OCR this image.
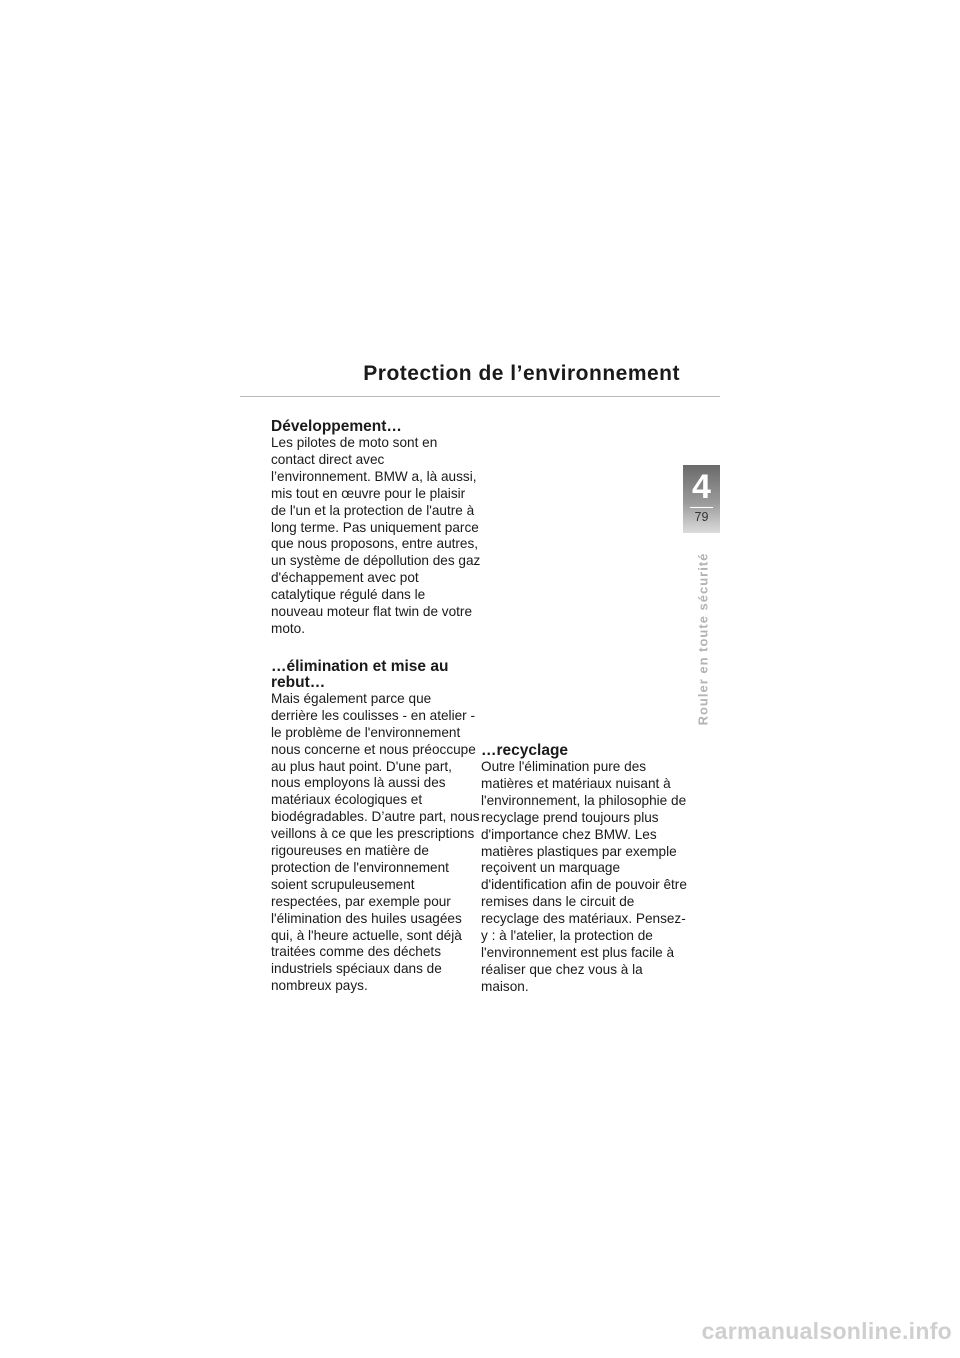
Protection de l’environnement
Développement…

Les pilotes de moto sont en contact direct avec l’environnement. BMW a, là aussi, mis tout en œuvre pour le plaisir de l'un et la protection de l'autre à long terme. Pas uniquement parce que nous proposons, entre autres, un système de dépollution des gaz d'échappement avec pot catalytique régulé dans le nouveau moteur flat twin de votre moto.

…élimination et mise au rebut…

Mais également parce que derrière les coulisses - en atelier - le problème de l'environnement nous concerne et nous préoccupe au plus haut point. D'une part, nous employons là aussi des matériaux écologiques et biodégradables. D’autre part, nous veillons à ce que les prescriptions rigoureuses en matière de protection de l'environnement soient scrupuleusement respectées, par exemple pour l'élimination des huiles usagées qui, à l'heure actuelle, sont déjà traitées comme des déchets industriels spéciaux dans de nombreux pays.

…recyclage

Outre l'élimination pure des matières et matériaux nuisant à l'environnement, la philosophie de recyclage prend toujours plus d'importance chez BMW. Les matières plastiques par exemple reçoivent un marquage d'identification afin de pouvoir être remises dans le circuit de recyclage des matériaux. Pensez-y : à l'atelier, la protection de l'environnement est plus facile à réaliser que chez vous à la maison.

4
79
Rouler en toute sécurité
carmanualsonline.info
